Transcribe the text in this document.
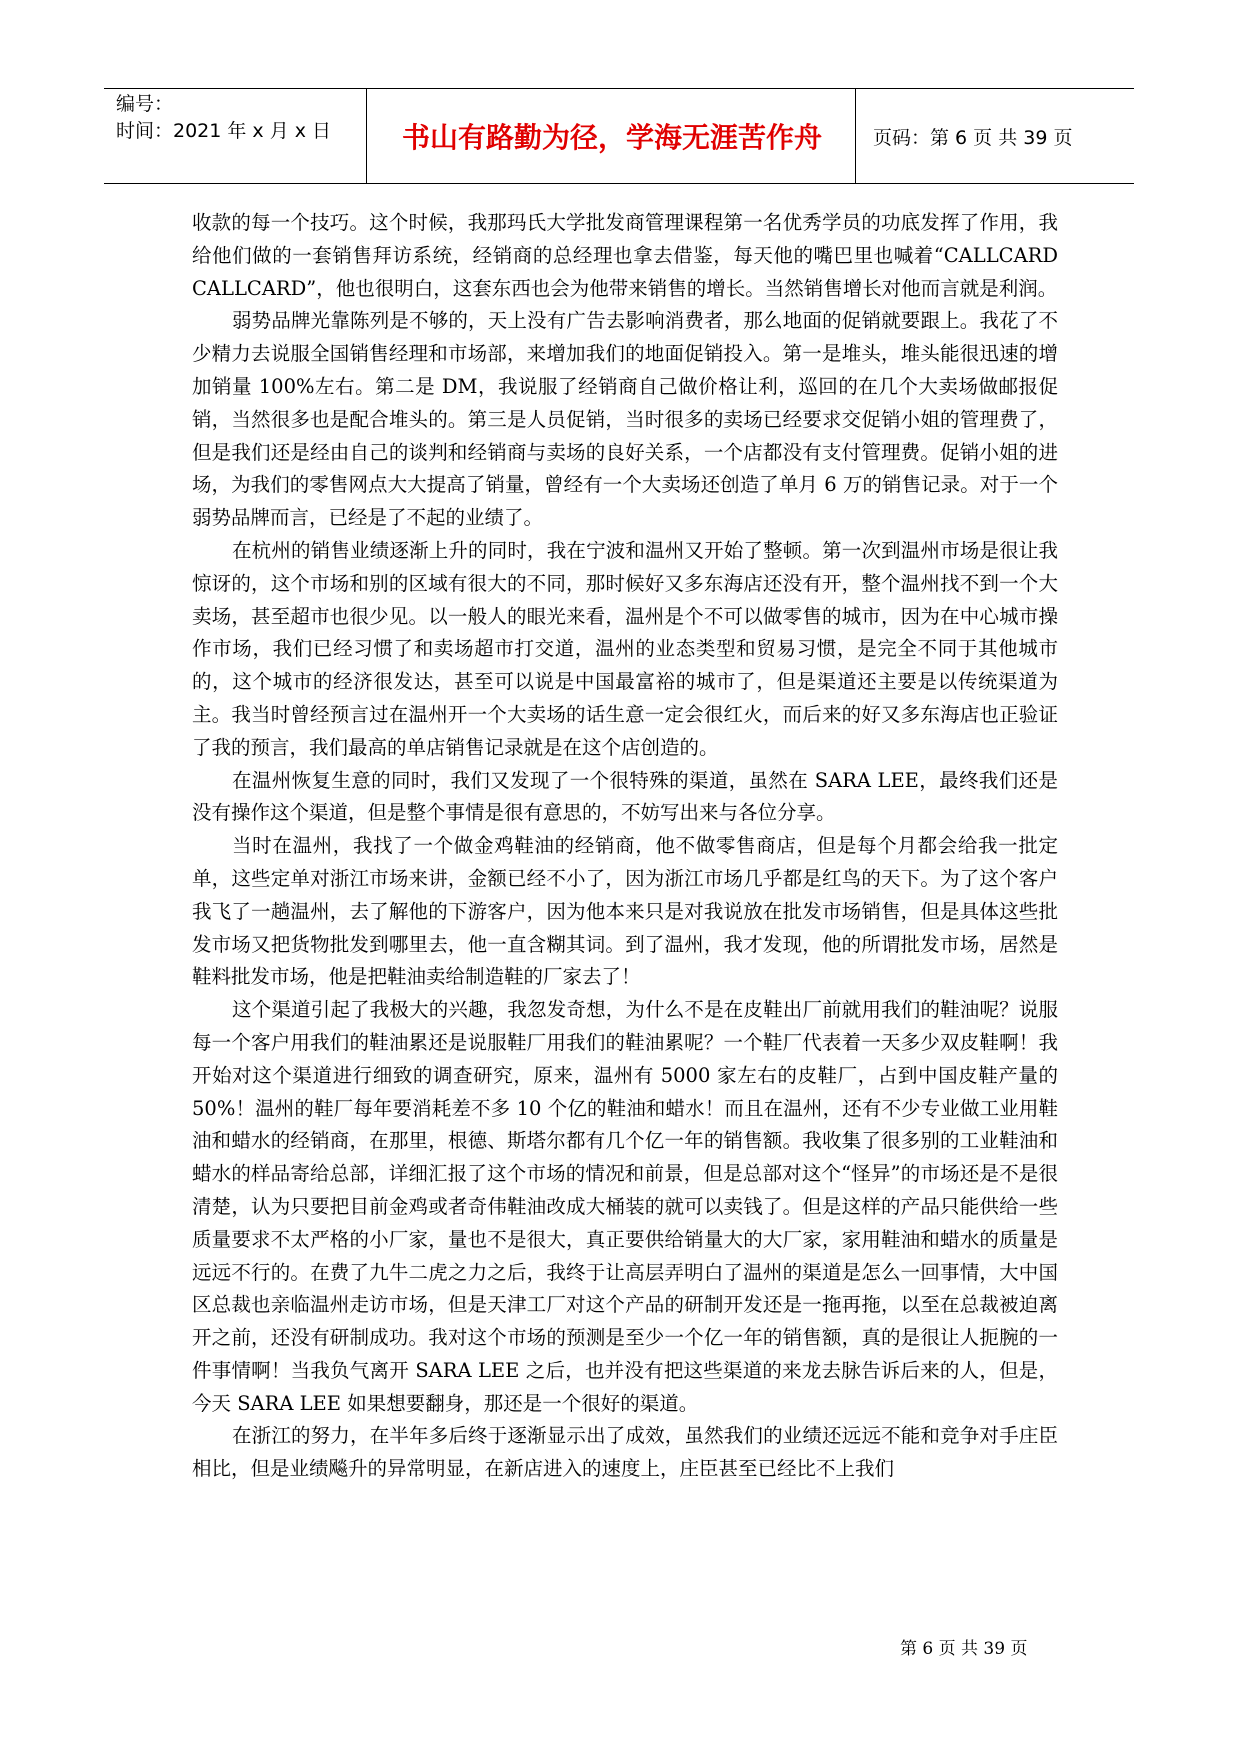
编号：
时间：2021 年 x 月 x 日	书山有路勤为径，学海无涯苦作舟	页码：第 6 页 共 39 页

收款的每一个技巧。这个时候，我那玛氏大学批发商管理课程第一名优秀学员的功底发挥了作用，我给他们做的一套销售拜访系统，经销商的总经理也拿去借鉴，每天他的嘴巴里也喊着“CALLCARD CALLCARD”，他也很明白，这套东西也会为他带来销售的增长。当然销售增长对他而言就是利润。

弱势品牌光靠陈列是不够的，天上没有广告去影响消费者，那么地面的促销就要跟上。我花了不少精力去说服全国销售经理和市场部，来增加我们的地面促销投入。第一是堆头，堆头能很迅速的增加销量 100%左右。第二是 DM，我说服了经销商自己做价格让利，巡回的在几个大卖场做邮报促销，当然很多也是配合堆头的。第三是人员促销，当时很多的卖场已经要求交促销小姐的管理费了，但是我们还是经由自己的谈判和经销商与卖场的良好关系，一个店都没有支付管理费。促销小姐的进场，为我们的零售网点大大提高了销量，曾经有一个大卖场还创造了单月 6 万的销售记录。对于一个弱势品牌而言，已经是了不起的业绩了。

在杭州的销售业绩逐渐上升的同时，我在宁波和温州又开始了整顿。第一次到温州市场是很让我惊讶的，这个市场和别的区域有很大的不同，那时候好又多东海店还没有开，整个温州找不到一个大卖场，甚至超市也很少见。以一般人的眼光来看，温州是个不可以做零售的城市，因为在中心城市操作市场，我们已经习惯了和卖场超市打交道，温州的业态类型和贸易习惯，是完全不同于其他城市的，这个城市的经济很发达，甚至可以说是中国最富裕的城市了，但是渠道还主要是以传统渠道为主。我当时曾经预言过在温州开一个大卖场的话生意一定会很红火，而后来的好又多东海店也正验证了我的预言，我们最高的单店销售记录就是在这个店创造的。

在温州恢复生意的同时，我们又发现了一个很特殊的渠道，虽然在 SARA LEE，最终我们还是没有操作这个渠道，但是整个事情是很有意思的，不妨写出来与各位分享。

当时在温州，我找了一个做金鸡鞋油的经销商，他不做零售商店，但是每个月都会给我一批定单，这些定单对浙江市场来讲，金额已经不小了，因为浙江市场几乎都是红鸟的天下。为了这个客户我飞了一趟温州，去了解他的下游客户，因为他本来只是对我说放在批发市场销售，但是具体这些批发市场又把货物批发到哪里去，他一直含糊其词。到了温州，我才发现，他的所谓批发市场，居然是鞋料批发市场，他是把鞋油卖给制造鞋的厂家去了！

这个渠道引起了我极大的兴趣，我忽发奇想，为什么不是在皮鞋出厂前就用我们的鞋油呢？说服每一个客户用我们的鞋油累还是说服鞋厂用我们的鞋油累呢？一个鞋厂代表着一天多少双皮鞋啊！我开始对这个渠道进行细致的调查研究，原来，温州有 5000 家左右的皮鞋厂，占到中国皮鞋产量的 50%！温州的鞋厂每年要消耗差不多 10 个亿的鞋油和蜡水！而且在温州，还有不少专业做工业用鞋油和蜡水的经销商，在那里，根德、斯塔尔都有几个亿一年的销售额。我收集了很多别的工业鞋油和蜡水的样品寄给总部，详细汇报了这个市场的情况和前景，但是总部对这个“怪异”的市场还是不是很清楚，认为只要把目前金鸡或者奇伟鞋油改成大桶装的就可以卖钱了。但是这样的产品只能供给一些质量要求不太严格的小厂家，量也不是很大，真正要供给销量大的大厂家，家用鞋油和蜡水的质量是远远不行的。在费了九牛二虎之力之后，我终于让高层弄明白了温州的渠道是怎么一回事情，大中国区总裁也亲临温州走访市场，但是天津工厂对这个产品的研制开发还是一拖再拖，以至在总裁被迫离开之前，还没有研制成功。我对这个市场的预测是至少一个亿一年的销售额，真的是很让人扼腕的一件事情啊！当我负气离开 SARA LEE 之后，也并没有把这些渠道的来龙去脉告诉后来的人，但是，今天 SARA LEE 如果想要翻身，那还是一个很好的渠道。

在浙江的努力，在半年多后终于逐渐显示出了成效，虽然我们的业绩还远远不能和竞争对手庄臣相比，但是业绩飚升的异常明显，在新店进入的速度上，庄臣甚至已经比不上我们

第 6 页 共 39 页
